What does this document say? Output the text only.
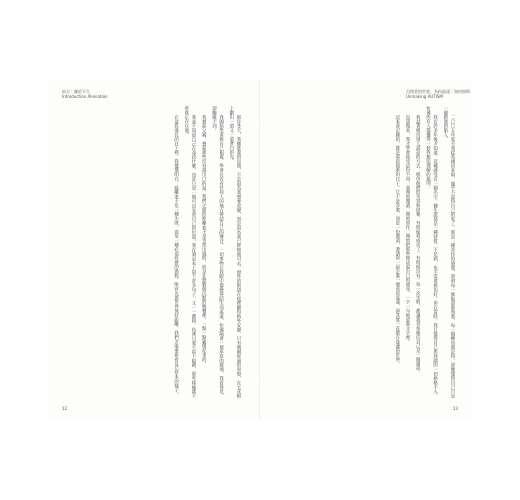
前言｜關於不久
Introduction Alienation

那年冬天，我搬進我的房間，不是因為我想要改變，而是因為我已經無處可去。窗外的街道在夜裡顯得格外安靜，只有偶爾經過的車燈，在天花板上劃出一道又一道蒼白的光。

我開始學著與自己相處，學著在沒有任何人的地方辨認自己的聲音。一切事物在我眼中都變得陌生而遙遠，彷彿隔著一層厚厚的玻璃，我看得見，卻觸碰不到。

我想起父親，想起那些沒有說出口的話。我們之間的距離並不是突然出現的，而是在無數個沉默的晚餐裡，一點一點累積起來的。

我並不知道自己在尋找什麼，也許只是一個可以安放自己的位置。我在筆記本上寫下許多句子，又一一劃掉，彷彿只要不留下痕跡，那些疼痛就不曾真正存在過。

在這段漫長的日子裡，我慢慢明白，疏離並不是一種失敗，而是一種必須經歷的過程。唯有先與世界保持距離，我們才能重新看見它原本的樣子。

12
自閉者的世界，為何遙遠｜如何如斯
Unmaking AUTISM

二〇〇五年夏天我從英國回來時，幾乎不認得自己的家了。那是一種奇怪的感覺，明明每一條街道都熟悉，每一個轉角都記得，卻總覺得自己只是一個路過的旅人。

我在許多年後才知道，這種感受有一個名字。醫生說那是一種特質，不是病，也不需要被治好。但在當時，我只覺得自己與周圍的一切格格不入，彷彿所有人都懂得一套我無法理解的規則。

我試著模仿別人說話的方式，模仿他們的笑容與停頓。有時候我成功了，有時候沒有。每一次失敗，都讓我更加確信自己是一個錯誤。

直到後來，我才學會接受這份不同。我開始閱讀，開始寫作，開始把那些無法說出口的感受，一字一句地放進文字裡。

這本書記錄的，就是那段摸索的日子。它不是答案，而是一份邀請，邀請你一起走進一個看似遙遠、卻其實一直都在身邊的世界。

13
